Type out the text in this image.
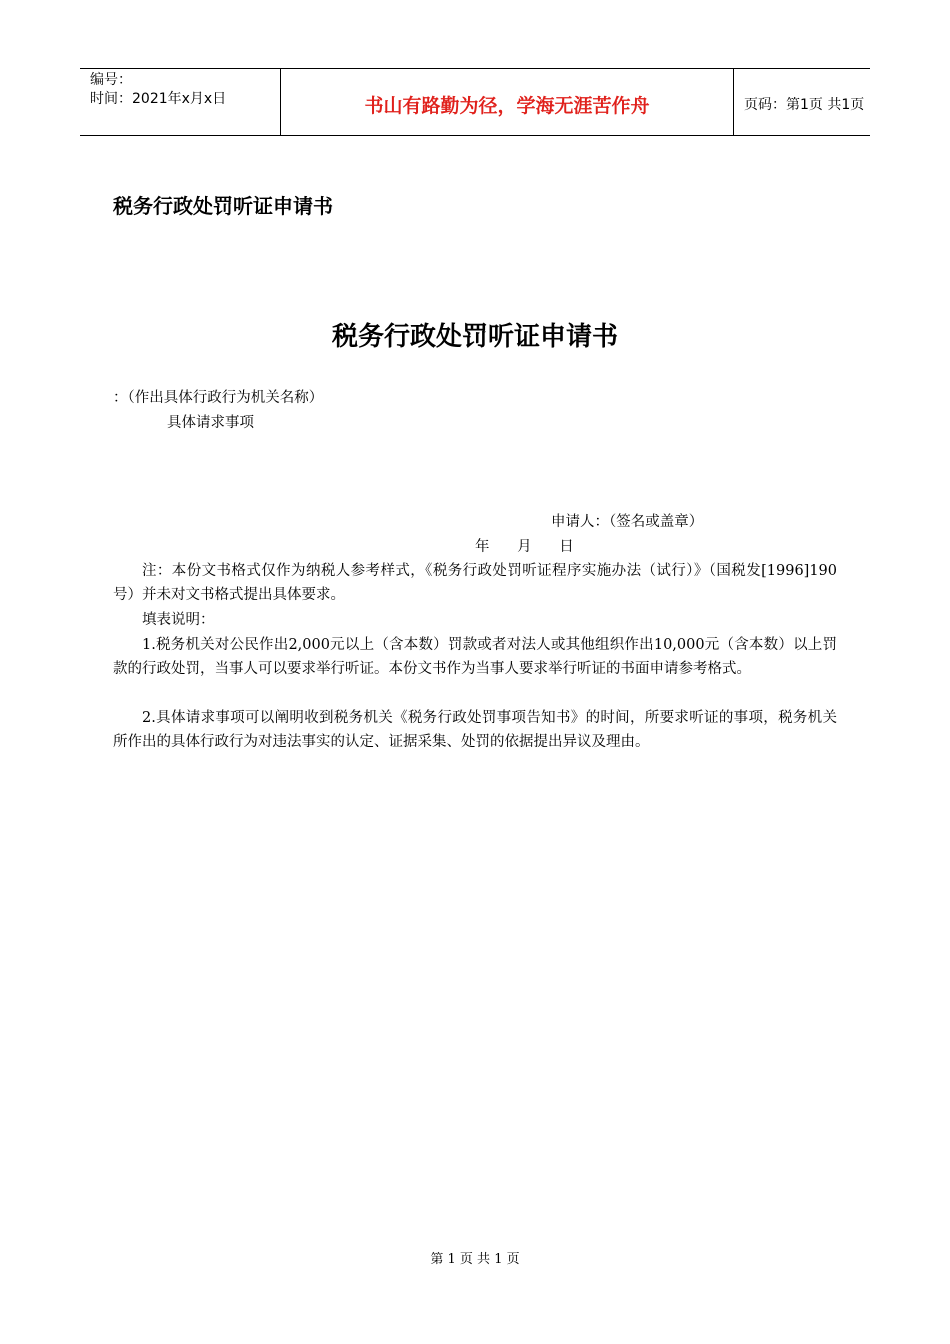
编号：
时间：2021年x月x日	书山有路勤为径，学海无涯苦作舟	页码：第1页 共1页
税务行政处罚听证申请书
税务行政处罚听证申请书
：（作出具体行政行为机关名称）
具体请求事项
申请人：（签名或盖章）
年      月      日
注：本份文书格式仅作为纳税人参考样式，《税务行政处罚听证程序实施办法（试行）》（国税发[1996]190号）并未对文书格式提出具体要求。
填表说明：
1.税务机关对公民作出2,000元以上（含本数）罚款或者对法人或其他组织作出10,000元（含本数）以上罚款的行政处罚，当事人可以要求举行听证。本份文书作为当事人要求举行听证的书面申请参考格式。
2.具体请求事项可以阐明收到税务机关《税务行政处罚事项告知书》的时间，所要求听证的事项，税务机关所作出的具体行政行为对违法事实的认定、证据采集、处罚的依据提出异议及理由。
第 1 页 共 1 页
